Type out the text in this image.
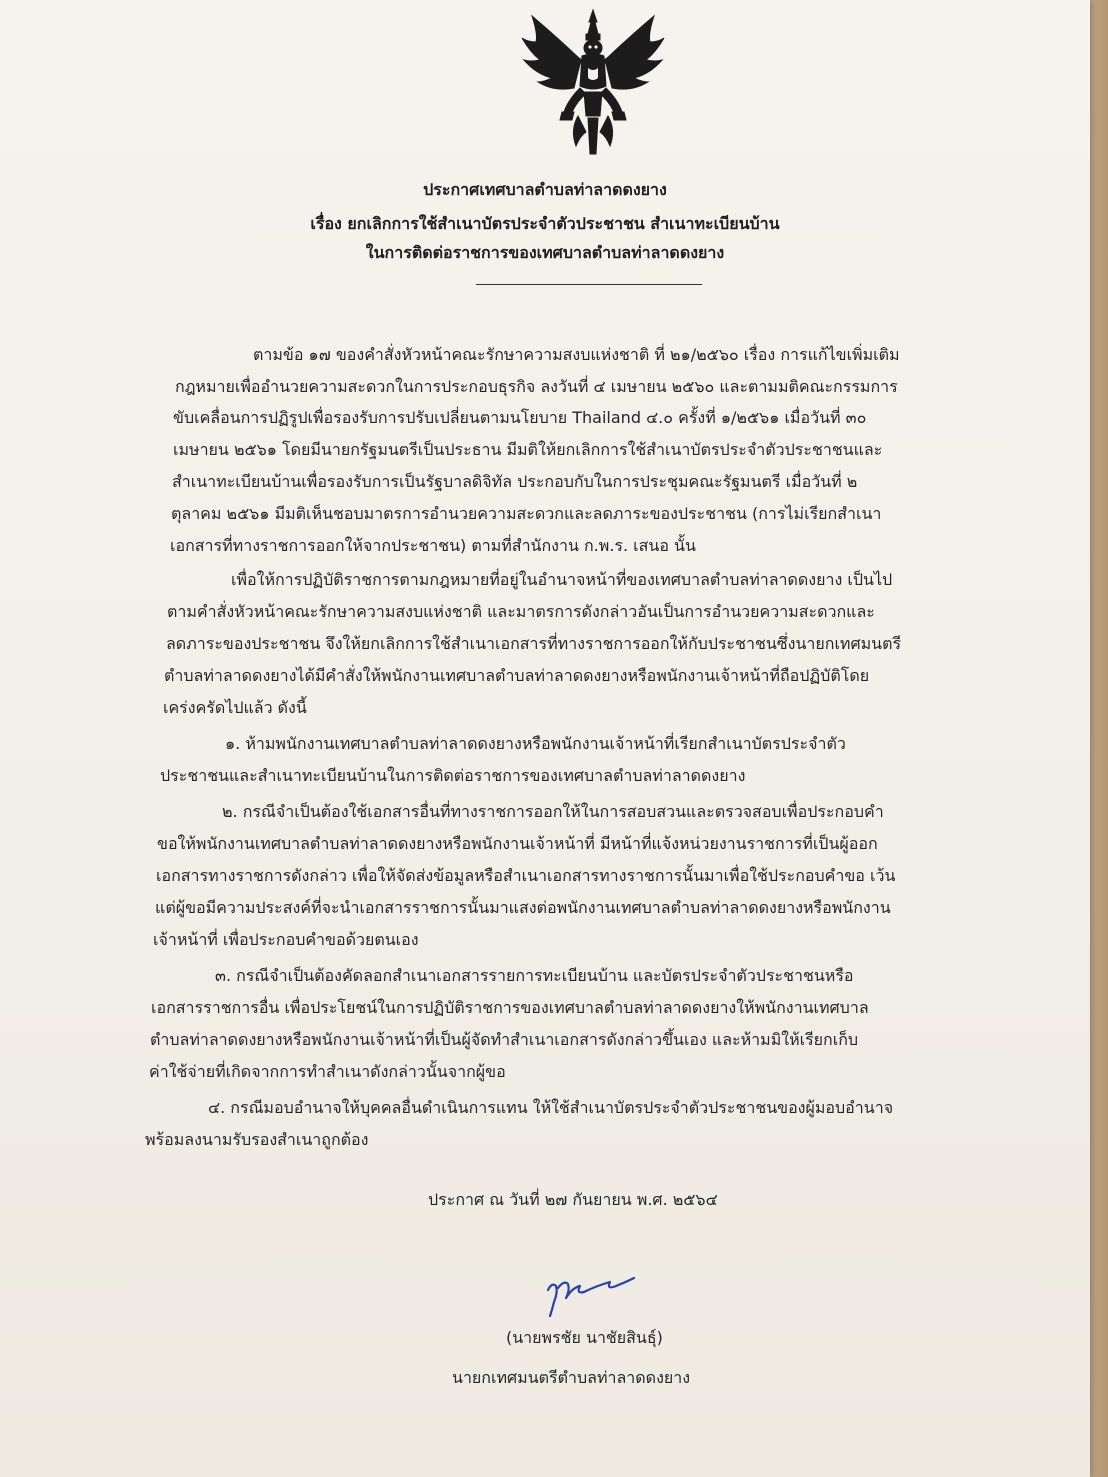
ประกาศเทศบาลตำบลท่าลาดดงยาง
เรื่อง ยกเลิกการใช้สำเนาบัตรประจำตัวประชาชน สำเนาทะเบียนบ้าน
ในการติดต่อราชการของเทศบาลตำบลท่าลาดดงยาง
ตามข้อ ๑๗ ของคำสั่งหัวหน้าคณะรักษาความสงบแห่งชาติ ที่ ๒๑/๒๕๖๐ เรื่อง การแก้ไขเพิ่มเติม
กฎหมายเพื่ออำนวยความสะดวกในการประกอบธุรกิจ ลงวันที่ ๔ เมษายน ๒๕๖๐ และตามมติคณะกรรมการ
ขับเคลื่อนการปฏิรูปเพื่อรองรับการปรับเปลี่ยนตามนโยบาย Thailand ๔.๐ ครั้งที่ ๑/๒๕๖๑ เมื่อวันที่ ๓๐
เมษายน ๒๕๖๑ โดยมีนายกรัฐมนตรีเป็นประธาน มีมติให้ยกเลิกการใช้สำเนาบัตรประจำตัวประชาชนและ
สำเนาทะเบียนบ้านเพื่อรองรับการเป็นรัฐบาลดิจิทัล ประกอบกับในการประชุมคณะรัฐมนตรี เมื่อวันที่ ๒
ตุลาคม ๒๕๖๑ มีมติเห็นชอบมาตรการอำนวยความสะดวกและลดภาระของประชาชน (การไม่เรียกสำเนา
เอกสารที่ทางราชการออกให้จากประชาชน) ตามที่สำนักงาน ก.พ.ร. เสนอ นั้น
เพื่อให้การปฏิบัติราชการตามกฎหมายที่อยู่ในอำนาจหน้าที่ของเทศบาลตำบลท่าลาดดงยาง เป็นไป
ตามคำสั่งหัวหน้าคณะรักษาความสงบแห่งชาติ และมาตรการดังกล่าวอันเป็นการอำนวยความสะดวกและ
ลดภาระของประชาชน จึงให้ยกเลิกการใช้สำเนาเอกสารที่ทางราชการออกให้กับประชาชนซึ่งนายกเทศมนตรี
ตำบลท่าลาดดงยางได้มีคำสั่งให้พนักงานเทศบาลตำบลท่าลาดดงยางหรือพนักงานเจ้าหน้าที่ถือปฏิบัติโดย
เคร่งครัดไปแล้ว ดังนี้
๑. ห้ามพนักงานเทศบาลตำบลท่าลาดดงยางหรือพนักงานเจ้าหน้าที่เรียกสำเนาบัตรประจำตัว
ประชาชนและสำเนาทะเบียนบ้านในการติดต่อราชการของเทศบาลตำบลท่าลาดดงยาง
๒. กรณีจำเป็นต้องใช้เอกสารอื่นที่ทางราชการออกให้ในการสอบสวนและตรวจสอบเพื่อประกอบคำ
ขอให้พนักงานเทศบาลตำบลท่าลาดดงยางหรือพนักงานเจ้าหน้าที่ มีหน้าที่แจ้งหน่วยงานราชการที่เป็นผู้ออก
เอกสารทางราชการดังกล่าว เพื่อให้จัดส่งข้อมูลหรือสำเนาเอกสารทางราชการนั้นมาเพื่อใช้ประกอบคำขอ เว้น
แต่ผู้ขอมีความประสงค์ที่จะนำเอกสารราชการนั้นมาแสงต่อพนักงานเทศบาลตำบลท่าลาดดงยางหรือพนักงาน
เจ้าหน้าที่ เพื่อประกอบคำขอด้วยตนเอง
๓. กรณีจำเป็นต้องคัดลอกสำเนาเอกสารรายการทะเบียนบ้าน และบัตรประจำตัวประชาชนหรือ
เอกสารราชการอื่น เพื่อประโยชน์ในการปฏิบัติราชการของเทศบาลตำบลท่าลาดดงยางให้พนักงานเทศบาล
ตำบลท่าลาดดงยางหรือพนักงานเจ้าหน้าที่เป็นผู้จัดทำสำเนาเอกสารดังกล่าวขึ้นเอง และห้ามมิให้เรียกเก็บ
ค่าใช้จ่ายที่เกิดจากการทำสำเนาดังกล่าวนั้นจากผู้ขอ
๔. กรณีมอบอำนาจให้บุคคลอื่นดำเนินการแทน ให้ใช้สำเนาบัตรประจำตัวประชาชนของผู้มอบอำนาจ
พร้อมลงนามรับรองสำเนาถูกต้อง
ประกาศ ณ วันที่ ๒๗ กันยายน พ.ศ. ๒๕๖๔
(นายพรชัย นาชัยสินธุ์)
นายกเทศมนตรีตำบลท่าลาดดงยาง
